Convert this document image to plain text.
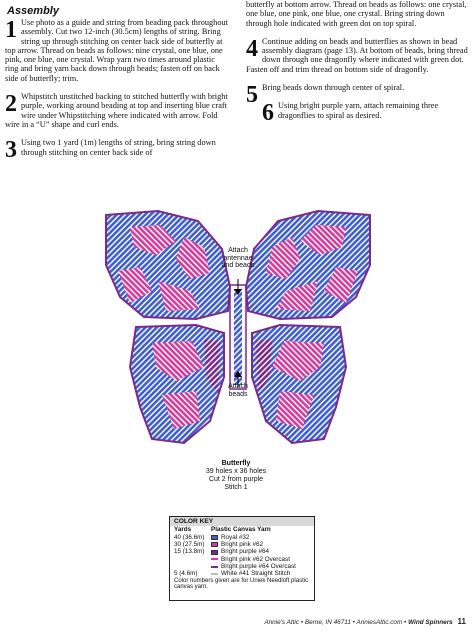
Assembly
1 Use photo as a guide and string from beading pack throughout assembly. Cut two 12-inch (30.5cm) lengths of string. Bring string up through stitching on center back side of butterfly at top arrow. Thread on beads as follows: nine crystal, one blue, one pink, one blue, one crystal. Wrap yarn two times around plastic ring and bring yarn back down through beads; fasten off on back side of butterfly; trim.
2 Whipstitch unstitched backing to stitched butterfly with bright purple, working around beading at top and inserting blue craft wire under Whipstitching where indicated with arrow. Fold wire in a “U” shape and curl ends.
3 Using two 1 yard (1m) lengths of string, bring string down through stitching on center back side of
butterfly at bottom arrow. Thread on beads as follows: one crystal, one blue, one pink, one blue, one crystal. Bring string down through hole indicated with green dot on top spiral.
4 Continue adding on beads and butterflies as shown in bead assembly diagram (page 13). At bottom of beads, bring thread down through one dragonfly where indicated with green dot. Fasten off and trim thread on bottom side of dragonfly.
5 Bring beads down through center of spiral.
6 Using bright purple yarn, attach remaining three dragonflies to spiral as desired.
Attach antennae and beads
Attach beads
Butterfly
39 holes x 36 holes
Cut 2 from purple
Stitch 1
COLOR KEY
Yards	Plastic Canvas Yarn
40 (36.6m)	Royal #32
30 (27.5m)	Bright pink #62
15 (13.8m)	Bright purple #64
Bright pink #62 Overcast
Bright purple #64 Overcast
5 (4.6m)	White #41 Straight Stitch
Color numbers given are for Uniek Needloft plastic canvas yarn.
Annie's Attic • Berne, IN 46711 • AnniesAttic.com • Wind Spinners 11
